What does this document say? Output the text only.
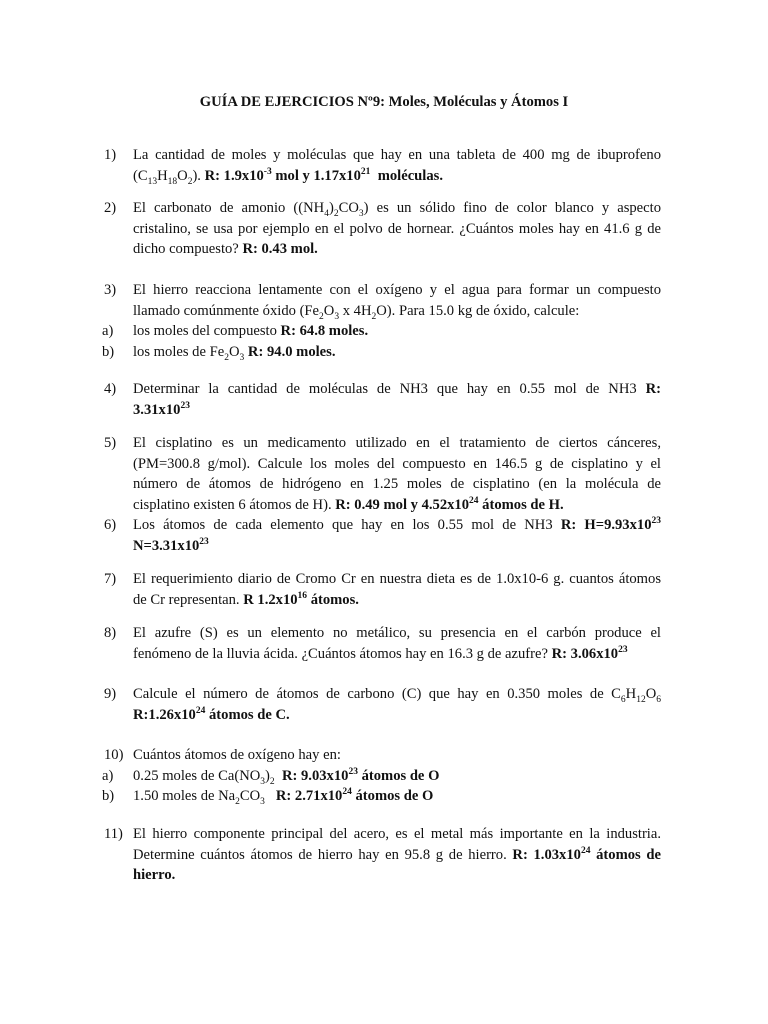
GUÍA DE EJERCICIOS Nº9: Moles, Moléculas y Átomos I
1) La cantidad de moles y moléculas que hay en una tableta de 400 mg de ibuprofeno
$(C_{13}H_{18}O_2)$. R: $1.9x10^{-3}$ mol y $1.17x10^{21}$  moléculas.
2) El carbonato de amonio $((NH_4)_2CO_3)$ es un sólido fino de color blanco y aspecto
cristalino, se usa por ejemplo en el polvo de hornear. ¿Cuántos moles hay en 41.6 g de
dicho compuesto? R: 0.43 mol.
3) El hierro reacciona lentamente con el oxígeno y el agua para formar un compuesto
llamado comúnmente óxido ($Fe_2O_3$ x $4H_2O$). Para 15.0 kg de óxido, calcule:
a) los moles del compuesto R: 64.8 moles.
b) los moles de $Fe_2O_3$ R: 94.0 moles.
4) Determinar la cantidad de moléculas de NH3 que hay en 0.55 mol de NH3 R:
$3.31x10^{23}$
5) El cisplatino es un medicamento utilizado en el tratamiento de ciertos cánceres,
(PM=300.8 g/mol). Calcule los moles del compuesto en 146.5 g de cisplatino y el
número de átomos de hidrógeno en 1.25 moles de cisplatino (en la molécula de
cisplatino existen 6 átomos de H). R: 0.49 mol y $4.52x10^{24}$ átomos de H.
6) Los átomos de cada elemento que hay en los 0.55 mol de NH3 R: $H=9.93x10^{23}$
$N=3.31x10^{23}$
7) El requerimiento diario de Cromo Cr en nuestra dieta es de 1.0x10-6 g. cuantos átomos
de Cr representan. R $1.2x10^{16}$ átomos.
8) El azufre (S) es un elemento no metálico, su presencia en el carbón produce el
fenómeno de la lluvia ácida. ¿Cuántos átomos hay en 16.3 g de azufre? R: $3.06x10^{23}$
9) Calcule el número de átomos de carbono (C) que hay en 0.350 moles de $C_6H_{12}O_6$
$R:1.26x10^{24}$ átomos de C.
10) Cuántos átomos de oxígeno hay en:
a) 0.25 moles de $Ca(NO_3)_2$ R: $9.03x10^{23}$ átomos de O
b) 1.50 moles de $Na_2CO_3$ R: $2.71x10^{24}$ átomos de O
11) El hierro componente principal del acero, es el metal más importante en la industria.
Determine cuántos átomos de hierro hay en 95.8 g de hierro. R: $1.03x10^{24}$ átomos de
hierro.
